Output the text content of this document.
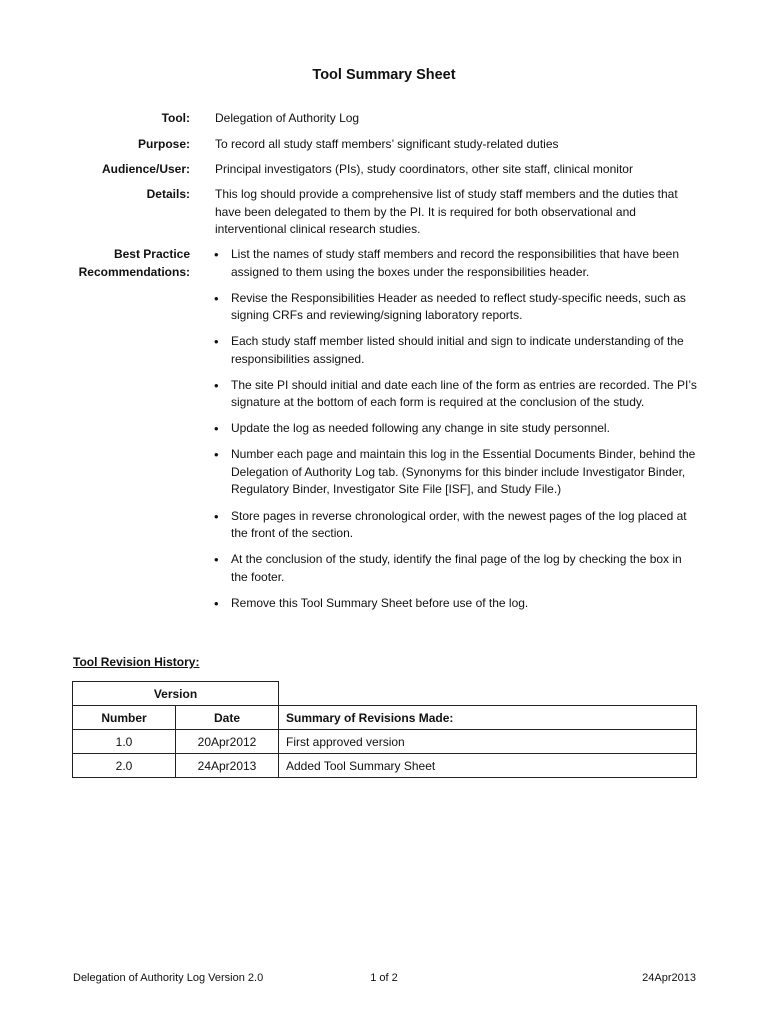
Tool Summary Sheet
Tool: Delegation of Authority Log
Purpose: To record all study staff members’ significant study-related duties
Audience/User: Principal investigators (PIs), study coordinators, other site staff, clinical monitor
Details: This log should provide a comprehensive list of study staff members and the duties that have been delegated to them by the PI. It is required for both observational and interventional clinical research studies.
Best Practice
Recommendations:
• List the names of study staff members and record the responsibilities that have been assigned to them using the boxes under the responsibilities header.
• Revise the Responsibilities Header as needed to reflect study-specific needs, such as signing CRFs and reviewing/signing laboratory reports.
• Each study staff member listed should initial and sign to indicate understanding of the responsibilities assigned.
• The site PI should initial and date each line of the form as entries are recorded. The PI’s signature at the bottom of each form is required at the conclusion of the study.
• Update the log as needed following any change in site study personnel.
• Number each page and maintain this log in the Essential Documents Binder, behind the Delegation of Authority Log tab. (Synonyms for this binder include Investigator Binder, Regulatory Binder, Investigator Site File [ISF], and Study File.)
• Store pages in reverse chronological order, with the newest pages of the log placed at the front of the section.
• At the conclusion of the study, identify the final page of the log by checking the box in the footer.
• Remove this Tool Summary Sheet before use of the log.
Tool Revision History:
Version		
Number	Date	Summary of Revisions Made:
1.0	20Apr2012	First approved version
2.0	24Apr2013	Added Tool Summary Sheet
Delegation of Authority Log Version 2.0	1 of 2	24Apr2013
